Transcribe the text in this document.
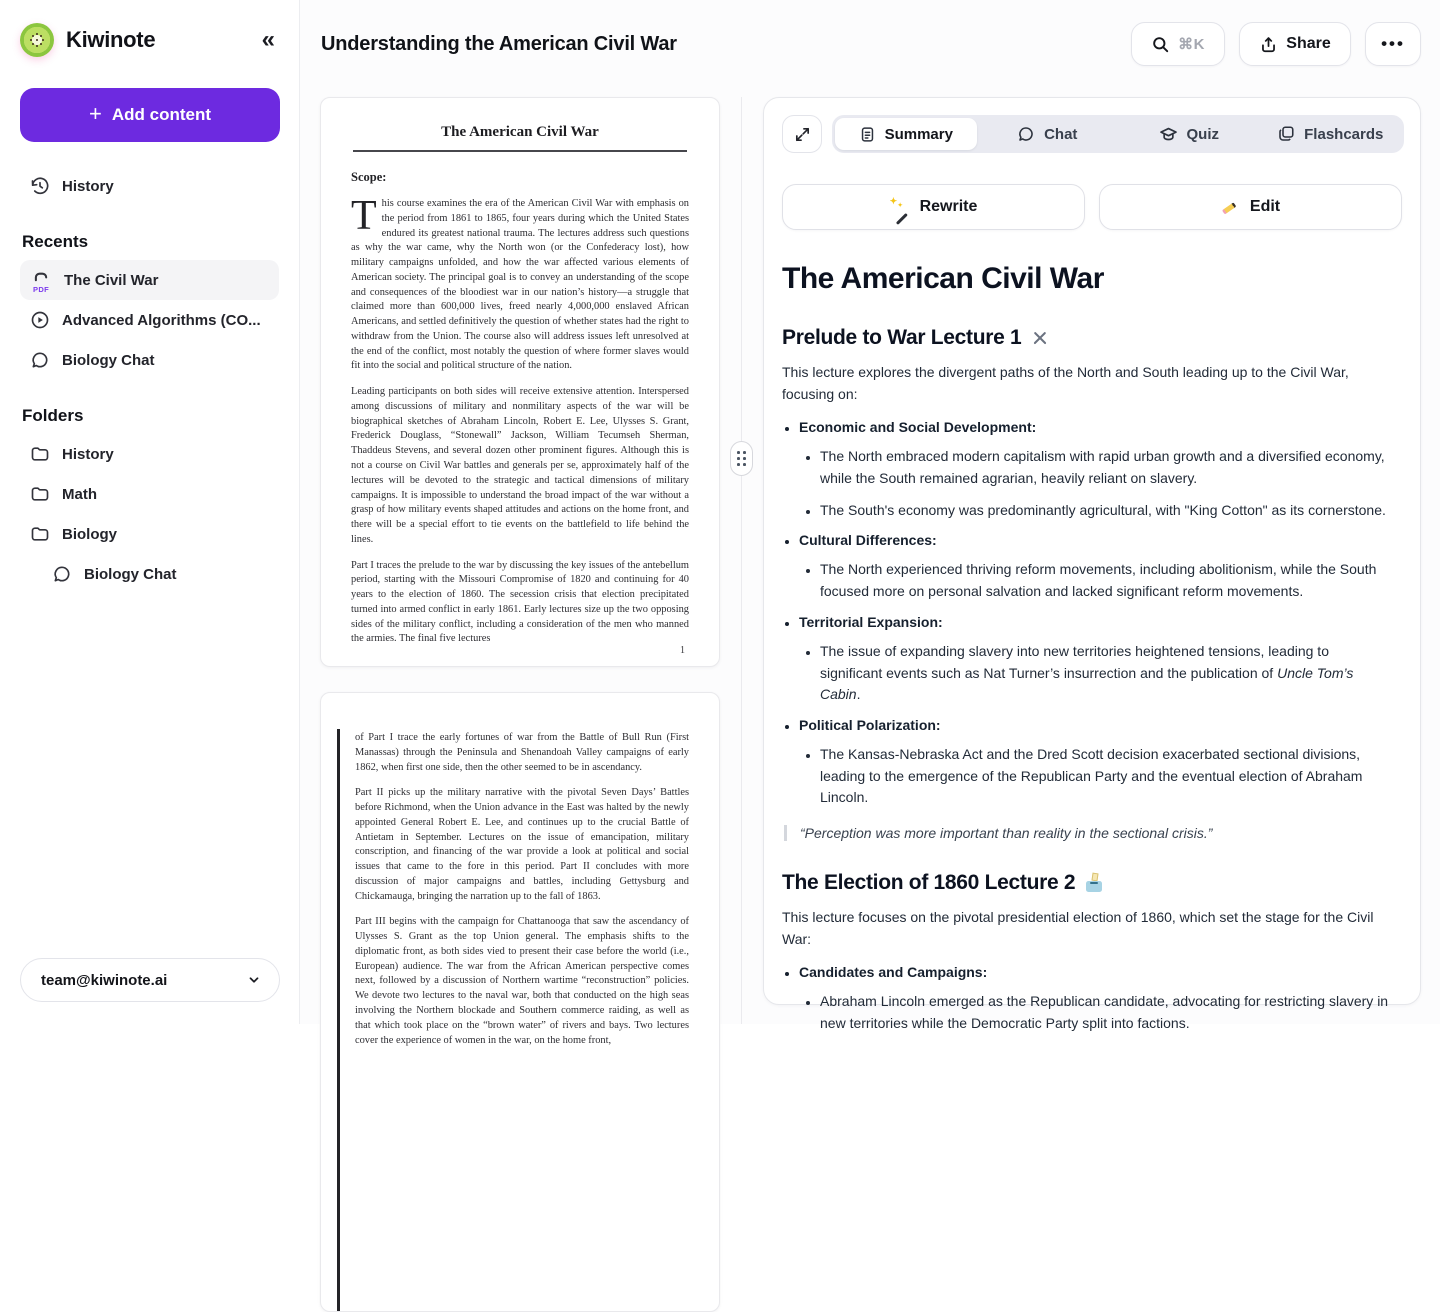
Kiwinote	«
+ Add content
History
Recents
PDF
The Civil War
Advanced Algorithms (CO...
Biology Chat
Folders
History
Math
Biology
Biology Chat
team@kiwinote.ai
Understanding the American Civil War	⌘K	Share	•••
The American Civil War
Scope:

This course examines the era of the American Civil War with emphasis on the period from 1861 to 1865, four years during which the United States endured its greatest national trauma. The lectures address such questions as why the war came, why the North won (or the Confederacy lost), how military campaigns unfolded, and how the war affected various elements of American society. The principal goal is to convey an understanding of the scope and consequences of the bloodiest war in our nation’s history—a struggle that claimed more than 600,000 lives, freed nearly 4,000,000 enslaved African Americans, and settled definitively the question of whether states had the right to withdraw from the Union. The course also will address issues left unresolved at the end of the conflict, most notably the question of where former slaves would fit into the social and political structure of the nation.

Leading participants on both sides will receive extensive attention. Interspersed among discussions of military and nonmilitary aspects of the war will be biographical sketches of Abraham Lincoln, Robert E. Lee, Ulysses S. Grant, Frederick Douglass, “Stonewall” Jackson, William Tecumseh Sherman, Thaddeus Stevens, and several dozen other prominent figures. Although this is not a course on Civil War battles and generals per se, approximately half of the lectures will be devoted to the strategic and tactical dimensions of military campaigns. It is impossible to understand the broad impact of the war without a grasp of how military events shaped attitudes and actions on the home front, and there will be a special effort to tie events on the battlefield to life behind the lines.

Part I traces the prelude to the war by discussing the key issues of the antebellum period, starting with the Missouri Compromise of 1820 and continuing for 40 years to the election of 1860. The secession crisis that election precipitated turned into armed conflict in early 1861. Early lectures size up the two opposing sides of the military conflict, including a consideration of the men who manned the armies. The final five lectures

1

of Part I trace the early fortunes of war from the Battle of Bull Run (First Manassas) through the Peninsula and Shenandoah Valley campaigns of early 1862, when first one side, then the other seemed to be in ascendancy.

Part II picks up the military narrative with the pivotal Seven Days’ Battles before Richmond, when the Union advance in the East was halted by the newly appointed General Robert E. Lee, and continues up to the crucial Battle of Antietam in September. Lectures on the issue of emancipation, military conscription, and financing of the war provide a look at political and social issues that came to the fore in this period. Part II concludes with more discussion of major campaigns and battles, including Gettysburg and Chickamauga, bringing the narration up to the fall of 1863.

Part III begins with the campaign for Chattanooga that saw the ascendancy of Ulysses S. Grant as the top Union general. The emphasis shifts to the diplomatic front, as both sides vied to present their case before the world (i.e., European) audience. The war from the African American perspective comes next, followed by a discussion of Northern wartime “reconstruction” policies. We devote two lectures to the naval war, both that conducted on the high seas involving the Northern blockade and Southern commerce raiding, as well as that which took place on the “brown water” of rivers and bays. Two lectures cover the experience of women in the war, on the home front,

Summary	Chat	Quiz	Flashcards
✦ ✦ Rewrite	Edit
The American Civil War
Prelude to War Lecture 1

This lecture explores the divergent paths of the North and South leading up to the Civil War, focusing on:

• Economic and Social Development:
• The North embraced modern capitalism with rapid urban growth and a diversified economy, while the South remained agrarian, heavily reliant on slavery.
• The South's economy was predominantly agricultural, with "King Cotton" as its cornerstone.
• Cultural Differences:
• The North experienced thriving reform movements, including abolitionism, while the South focused more on personal salvation and lacked significant reform movements.
• Territorial Expansion:
• The issue of expanding slavery into new territories heightened tensions, leading to significant events such as Nat Turner’s insurrection and the publication of Uncle Tom’s Cabin.
• Political Polarization:
• The Kansas-Nebraska Act and the Dred Scott decision exacerbated sectional divisions, leading to the emergence of the Republican Party and the eventual election of Abraham Lincoln.
“Perception was more important than reality in the sectional crisis.”
The Election of 1860 Lecture 2

This lecture focuses on the pivotal presidential election of 1860, which set the stage for the Civil War:

• Candidates and Campaigns:
• Abraham Lincoln emerged as the Republican candidate, advocating for restricting slavery in new territories while the Democratic Party split into factions.
